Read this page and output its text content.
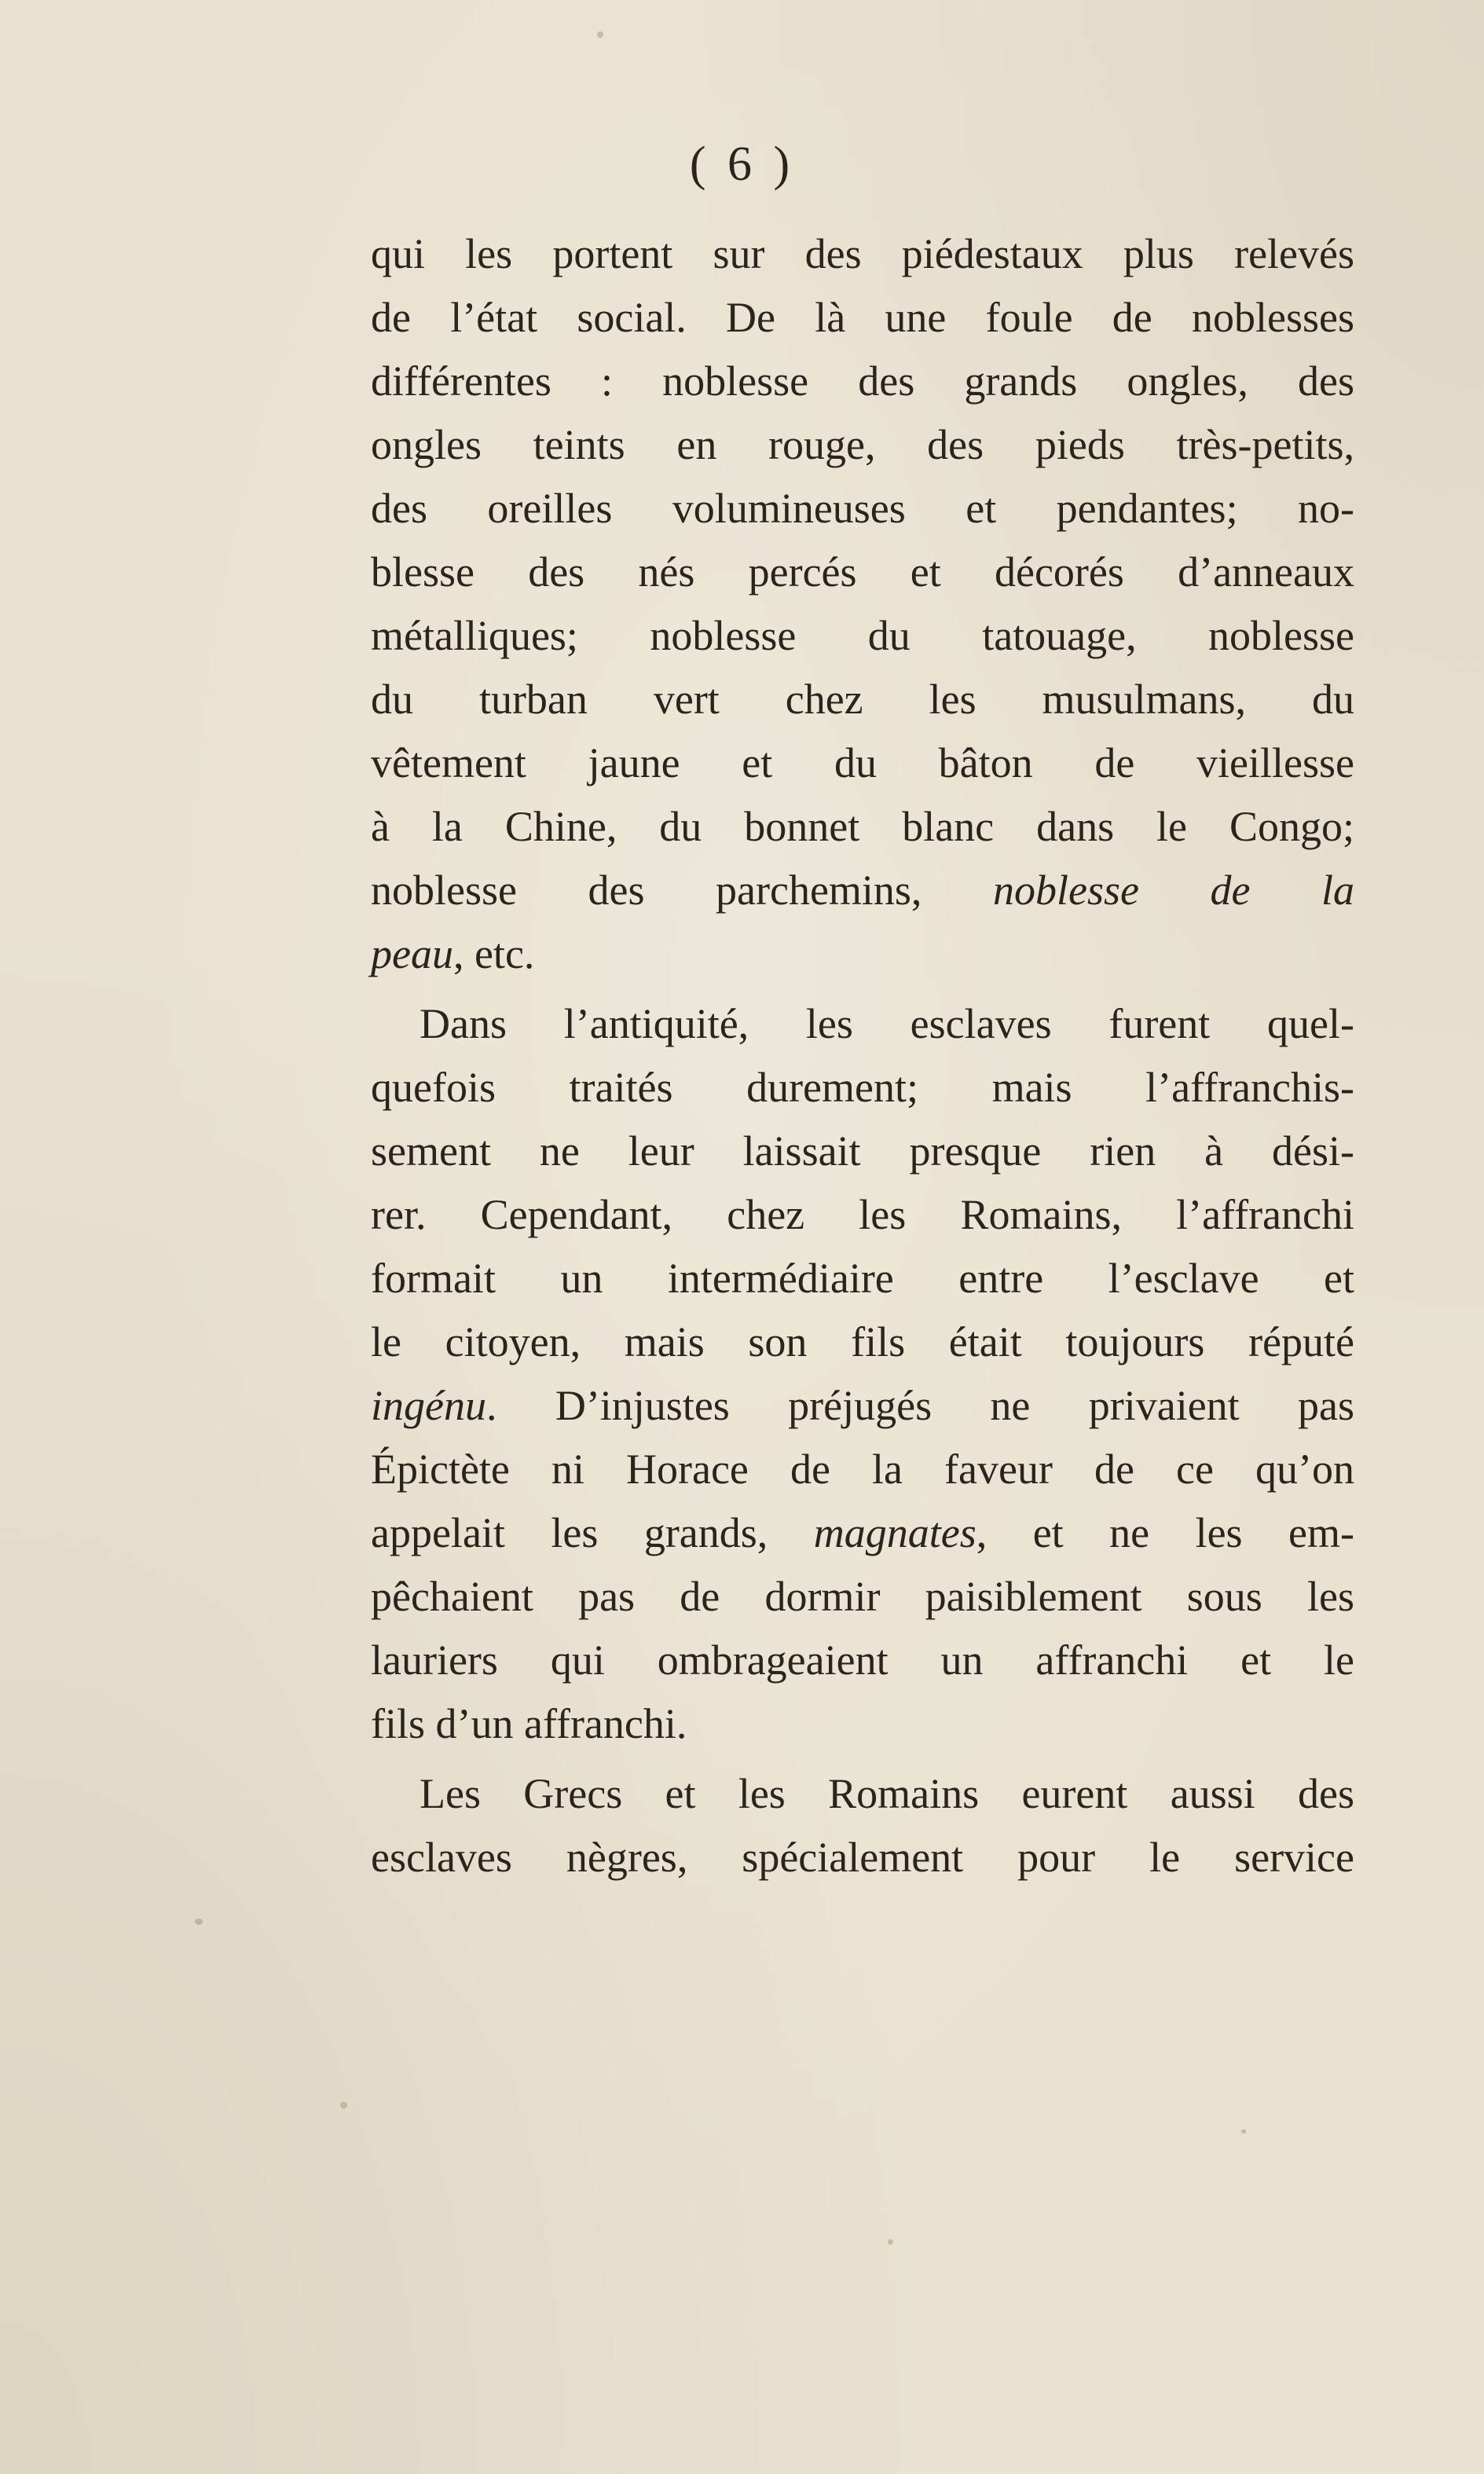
( 6 )
qui les portent sur des piédestaux plus relevés
de l’état social. De là une foule de noblesses
différentes : noblesse des grands ongles, des
ongles teints en rouge, des pieds très-petits,
des oreilles volumineuses et pendantes; no-
blesse des nés percés et décorés d’anneaux
métalliques; noblesse du tatouage, noblesse
du turban vert chez les musulmans, du
vêtement jaune et du bâton de vieillesse
à la Chine, du bonnet blanc dans le Congo;
noblesse des parchemins, noblesse de la
peau, etc.
Dans l’antiquité, les esclaves furent quel-
quefois traités durement; mais l’affranchis-
sement ne leur laissait presque rien à dési-
rer. Cependant, chez les Romains, l’affranchi
formait un intermédiaire entre l’esclave et
le citoyen, mais son fils était toujours réputé
ingénu. D’injustes préjugés ne privaient pas
Épictète ni Horace de la faveur de ce qu’on
appelait les grands, magnates, et ne les em-
pêchaient pas de dormir paisiblement sous les
lauriers qui ombrageaient un affranchi et le
fils d’un affranchi.
Les Grecs et les Romains eurent aussi des
esclaves nègres, spécialement pour le service
